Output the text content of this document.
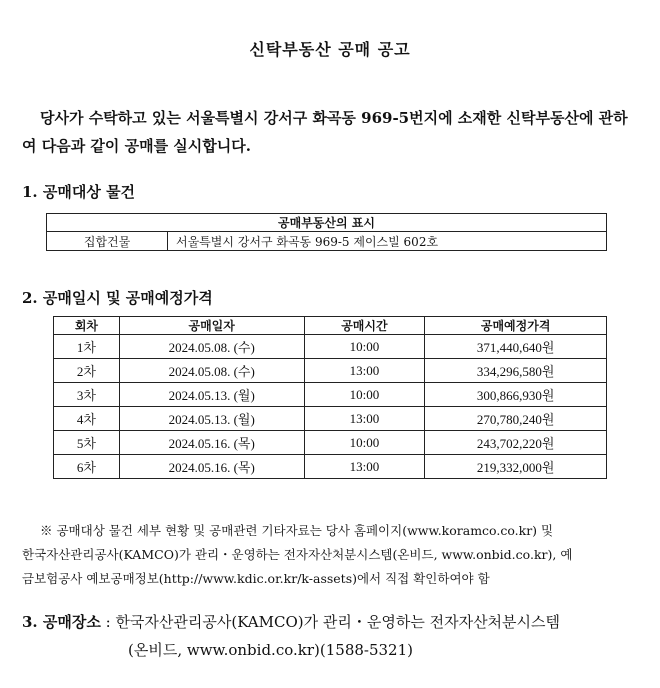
신탁부동산 공매 공고
당사가 수탁하고 있는 서울특별시 강서구 화곡동 969-5번지에 소재한 신탁부동산에 관하여 다음과 같이 공매를 실시합니다.
1. 공매대상 물건
공매부동산의 표시
집합건물	서울특별시 강서구 화곡동 969-5 제이스빌 602호
2. 공매일시 및 공매예정가격
회차	공매일자	공매시간	공매예정가격
1차	2024.05.08. (수)	10:00	371,440,640원
2차	2024.05.08. (수)	13:00	334,296,580원
3차	2024.05.13. (월)	10:00	300,866,930원
4차	2024.05.13. (월)	13:00	270,780,240원
5차	2024.05.16. (목)	10:00	243,702,220원
6차	2024.05.16. (목)	13:00	219,332,000원
※ 공매대상 물건 세부 현황 및 공매관련 기타자료는 당사 홈페이지(www.koramco.co.kr) 및
한국자산관리공사(KAMCO)가 관리・운영하는 전자자산처분시스템(온비드, www.onbid.co.kr), 예
금보험공사 예보공매정보(http://www.kdic.or.kr/k-assets)에서 직접 확인하여야 함
3. 공매장소 : 한국자산관리공사(KAMCO)가 관리・운영하는 전자자산처분시스템
(온비드, www.onbid.co.kr)(1588-5321)
